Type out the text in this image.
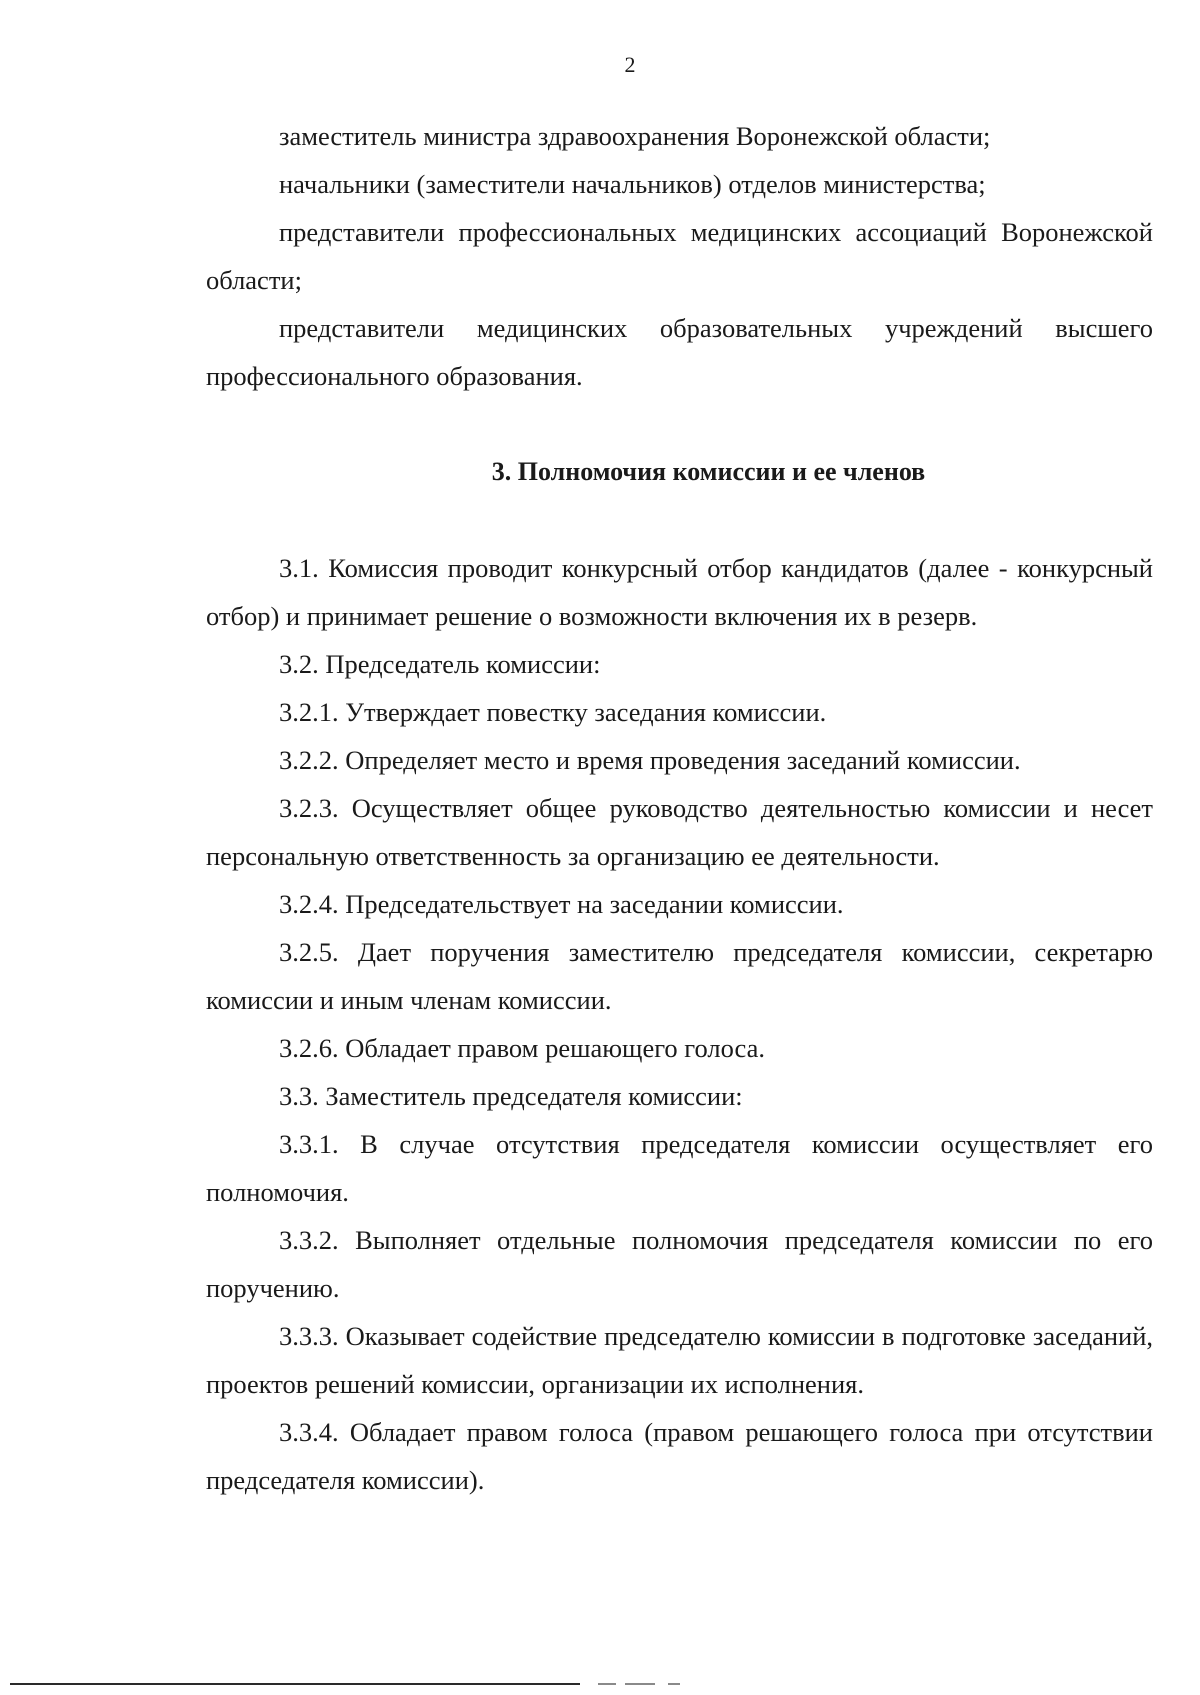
2

заместитель министра здравоохранения Воронежской области;

начальники (заместители начальников) отделов министерства;

представители профессиональных медицинских ассоциаций Воронежской области;

представители медицинских образовательных учреждений высшего профессионального образования.

3. Полномочия комиссии и ее членов

3.1. Комиссия проводит конкурсный отбор кандидатов (далее - конкурсный отбор) и принимает решение о возможности включения их в резерв.

3.2. Председатель комиссии:

3.2.1. Утверждает повестку заседания комиссии.

3.2.2. Определяет место и время проведения заседаний комиссии.

3.2.3. Осуществляет общее руководство деятельностью комиссии и несет персональную ответственность за организацию ее деятельности.

3.2.4. Председательствует на заседании комиссии.

3.2.5. Дает поручения заместителю председателя комиссии, секретарю комиссии и иным членам комиссии.

3.2.6. Обладает правом решающего голоса.

3.3. Заместитель председателя комиссии:

3.3.1. В случае отсутствия председателя комиссии осуществляет его полномочия.

3.3.2. Выполняет отдельные полномочия председателя комиссии по его поручению.

3.3.3. Оказывает содействие председателю комиссии в подготовке заседаний, проектов решений комиссии, организации их исполнения.

3.3.4. Обладает правом голоса (правом решающего голоса при отсутствии председателя комиссии).
